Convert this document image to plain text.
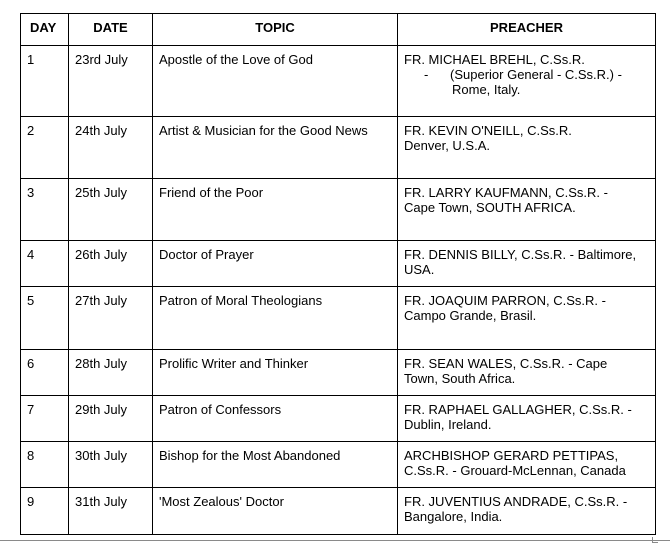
DAY	DATE	TOPIC	PREACHER
1	23rd July	Apostle of the Love of God	FR. MICHAEL BREHL, C.Ss.R.
-      (Superior General - C.Ss.R.) -
Rome, Italy.

2	24th July	Artist & Musician for the Good News	FR. KEVIN O'NEILL, C.Ss.R.
Denver, U.S.A.

3	25th July	Friend of the Poor	FR. LARRY KAUFMANN, C.Ss.R. -
Cape Town, SOUTH AFRICA.

4	26th July	Doctor of Prayer	FR. DENNIS BILLY, C.Ss.R. - Baltimore,
USA.

5	27th July	Patron of Moral Theologians	FR. JOAQUIM PARRON, C.Ss.R. -
Campo Grande, Brasil.

6	28th July	Prolific Writer and Thinker	FR. SEAN WALES, C.Ss.R. - Cape
Town, South Africa.

7	29th July	Patron of Confessors	FR. RAPHAEL GALLAGHER, C.Ss.R. -
Dublin, Ireland.

8	30th July	Bishop for the Most Abandoned	ARCHBISHOP GERARD PETTIPAS,
C.Ss.R. - Grouard-McLennan, Canada

9	31th July	'Most Zealous' Doctor	FR. JUVENTIUS ANDRADE, C.Ss.R. -
Bangalore, India.
